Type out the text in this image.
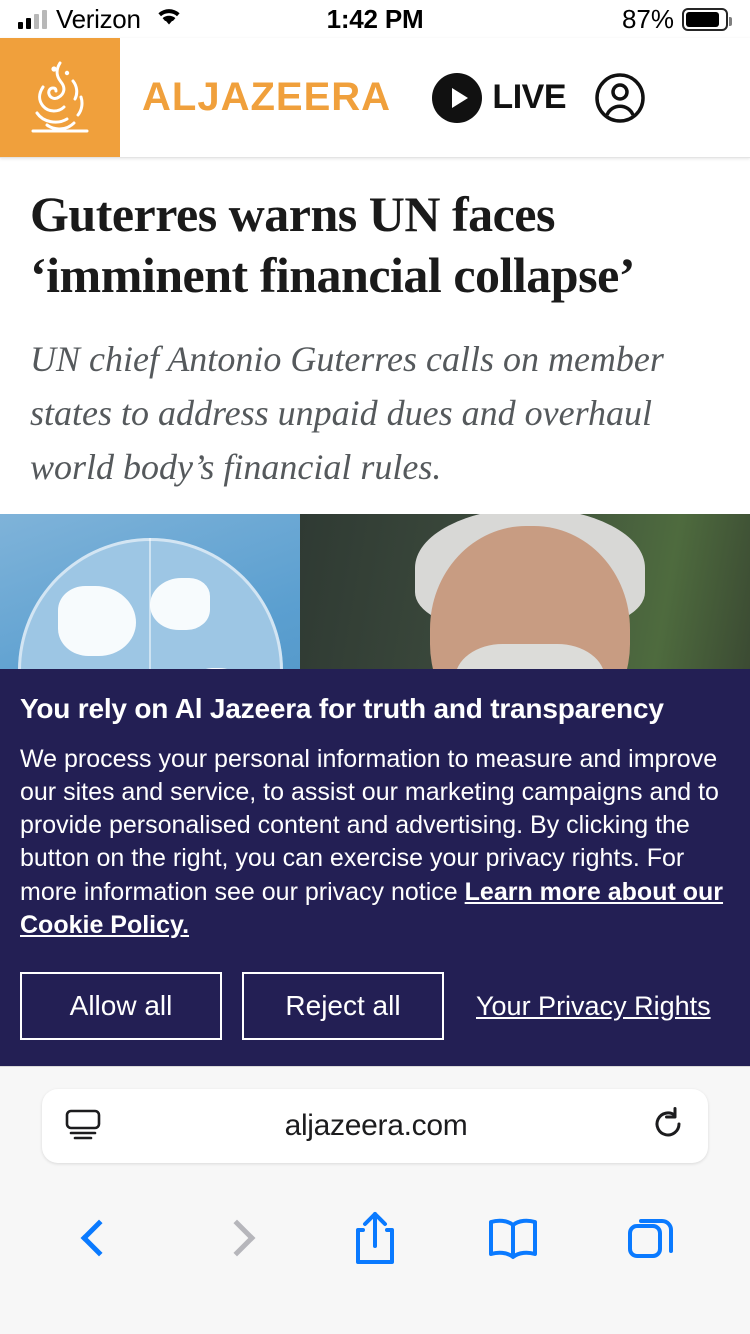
Verizon	1:42 PM	87%
ALJAZEERA	LIVE
Guterres warns UN faces ‘imminent financial collapse’

UN chief Antonio Guterres calls on member states to address unpaid dues and overhaul world body’s financial rules.

You rely on Al Jazeera for truth and transparency
We process your personal information to measure and improve our sites and service, to assist our marketing campaigns and to provide personalised content and advertising. By clicking the button on the right, you can exercise your privacy rights. For more information see our privacy notice Learn more about our Cookie Policy.
Allow all	Reject all	Your Privacy Rights
aljazeera.com
